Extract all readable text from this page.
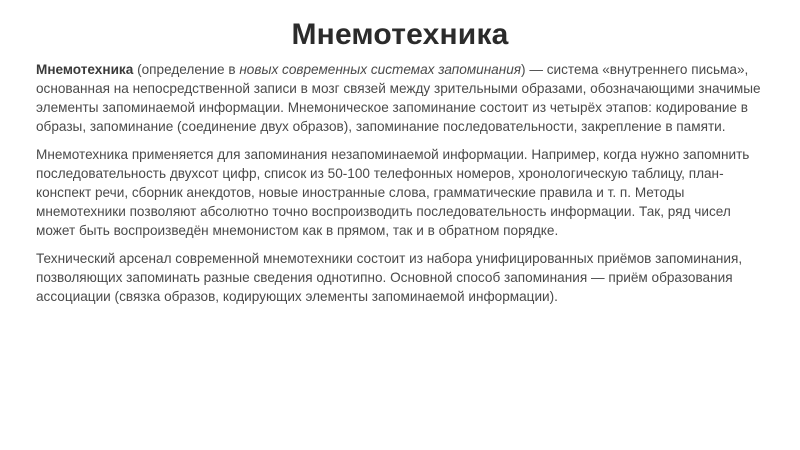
Мнемотехника

Мнемотехника (определение в новых современных системах запоминания) — система «внутреннего письма», основанная на непосредственной записи в мозг связей между зрительными образами, обозначающими значимые элементы запоминаемой информации. Мнемоническое запоминание состоит из четырёх этапов: кодирование в образы, запоминание (соединение двух образов), запоминание последовательности, закрепление в памяти.

Мнемотехника применяется для запоминания незапоминаемой информации. Например, когда нужно запомнить последовательность двухсот цифр, список из 50-100 телефонных номеров, хронологическую таблицу, план-конспект речи, сборник анекдотов, новые иностранные слова, грамматические правила и т. п. Методы мнемотехники позволяют абсолютно точно воспроизводить последовательность информации. Так, ряд чисел может быть воспроизведён мнемонистом как в прямом, так и в обратном порядке.

Технический арсенал современной мнемотехники состоит из набора унифицированных приёмов запоминания, позволяющих запоминать разные сведения однотипно. Основной способ запоминания — приём образования ассоциации (связка образов, кодирующих элементы запоминаемой информации).
